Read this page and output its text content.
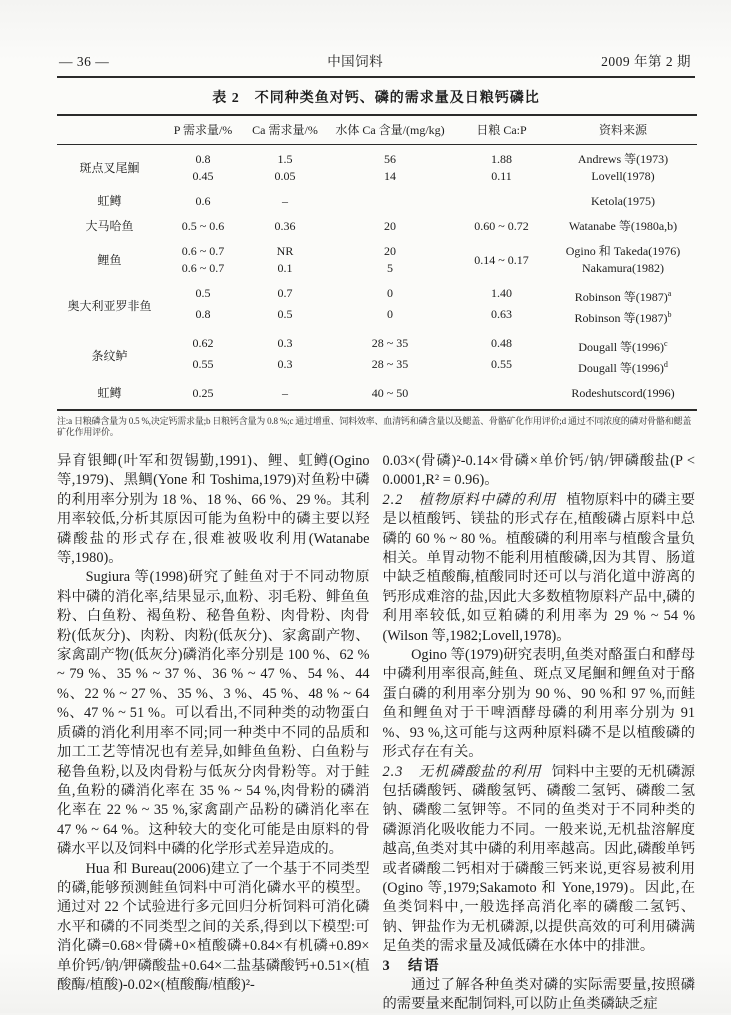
— 36 —	中国饲料	2009 年第 2 期
表 2　不同种类鱼对钙、磷的需求量及日粮钙磷比
	P 需求量/%	Ca 需求量/%	水体 Ca 含量/(mg/kg)	日粮 Ca:P	资料来源
斑点叉尾鮰	0.8	1.5	56	1.88	Andrews 等(1973)
	0.45	0.05	14	0.11	Lovell(1978)
虹鳟	0.6	–			Ketola(1975)
大马哈鱼	0.5 ~ 0.6	0.36	20	0.60 ~ 0.72	Watanabe 等(1980a,b)
鲤鱼	0.6 ~ 0.7	NR	20	0.14 ~ 0.17	Ogino 和 Takeda(1976)
	0.6 ~ 0.7	0.1	5		Nakamura(1982)
奥大利亚罗非鱼	0.5	0.7	0	1.40	Robinson 等$(1987)^a$
	0.8	0.5	0	0.63	Robinson 等$(1987)^b$
条纹鲈	0.62	0.3	28 ~ 35	0.48	Dougall 等$(1996)^c$
	0.55	0.3	28 ~ 35	0.55	Dougall 等$(1996)^d$
虹鳟	0.25	–	40 ~ 50		Rodeshutscord(1996)
注:a 日粮磷含量为 0.5 %,决定钙需求量;b 日粮钙含量为 0.8 %;c 通过增重、饲料效率、血清钙和磷含量以及鳃盖、骨骼矿化作用评价;d 通过不同浓度的磷对骨骼和鳃盖矿化作用评价。

异育银鲫(叶军和贺锡勤,1991)、鲤、虹鳟(Ogino 等,1979)、黑鲷(Yone 和 Toshima,1979)对鱼粉中磷的利用率分别为 18 %、18 %、66 %、29 %。其利用率较低,分析其原因可能为鱼粉中的磷主要以羟磷酸盐的形式存在,很难被吸收利用(Watanabe 等,1980)。

Sugiura 等(1998)研究了鲑鱼对于不同动物原料中磷的消化率,结果显示,血粉、羽毛粉、鲱鱼鱼粉、白鱼粉、褐鱼粉、秘鲁鱼粉、肉骨粉、肉骨粉(低灰分)、肉粉、肉粉(低灰分)、家禽副产物、家禽副产物(低灰分)磷消化率分别是 100 %、62 % ~ 79 %、35 % ~ 37 %、36 % ~ 47 %、54 %、44 %、22 % ~ 27 %、35 %、3 %、45 %、48 % ~ 64 %、47 % ~ 51 %。可以看出,不同种类的动物蛋白质磷的消化利用率不同;同一种类中不同的品质和加工工艺等情况也有差异,如鲱鱼鱼粉、白鱼粉与秘鲁鱼粉,以及肉骨粉与低灰分肉骨粉等。对于鲑鱼,鱼粉的磷消化率在 35 % ~ 54 %,肉骨粉的磷消化率在 22 % ~ 35 %,家禽副产品粉的磷消化率在 47 % ~ 64 %。这种较大的变化可能是由原料的骨磷水平以及饲料中磷的化学形式差异造成的。

Hua 和 Bureau(2006)建立了一个基于不同类型的磷,能够预测鲑鱼饲料中可消化磷水平的模型。通过对 22 个试验进行多元回归分析饲料可消化磷水平和磷的不同类型之间的关系,得到以下模型:可消化磷=0.68×骨磷+0×植酸磷+0.84×有机磷+0.89×单价钙/钠/钾磷酸盐+0.64×二盐基磷酸钙+0.51×(植酸酶/植酸)-0.02×(植酸酶/植酸)²-

0.03×(骨磷)²-0.14×骨磷×单价钙/钠/钾磷酸盐(P < 0.0001,R² = 0.96)。

2.2　植物原料中磷的利用 植物原料中的磷主要是以植酸钙、镁盐的形式存在,植酸磷占原料中总磷的 60 % ~ 80 %。植酸磷的利用率与植酸含量负相关。单胃动物不能利用植酸磷,因为其胃、肠道中缺乏植酸酶,植酸同时还可以与消化道中游离的钙形成难溶的盐,因此大多数植物原料产品中,磷的利用率较低,如豆粕磷的利用率为 29 % ~ 54 %(Wilson 等,1982;Lovell,1978)。

Ogino 等(1979)研究表明,鱼类对酪蛋白和酵母中磷利用率很高,鲑鱼、斑点叉尾鮰和鲤鱼对于酪蛋白磷的利用率分别为 90 %、90 %和 97 %,而鲑鱼和鲤鱼对于干啤酒酵母磷的利用率分别为 91 %、93 %,这可能与这两种原料磷不是以植酸磷的形式存在有关。

2.3　无机磷酸盐的利用 饲料中主要的无机磷源包括磷酸钙、磷酸氢钙、磷酸二氢钙、磷酸二氢钠、磷酸二氢钾等。不同的鱼类对于不同种类的磷源消化吸收能力不同。一般来说,无机盐溶解度越高,鱼类对其中磷的利用率越高。因此,磷酸单钙或者磷酸二钙相对于磷酸三钙来说,更容易被利用 (Ogino 等,1979;Sakamoto 和 Yone,1979)。因此,在鱼类饲料中,一般选择高消化率的磷酸二氢钙、钠、钾盐作为无机磷源,以提供高效的可利用磷满足鱼类的需求量及减低磷在水体中的排泄。

3　结语

通过了解各种鱼类对磷的实际需要量,按照磷的需要量来配制饲料,可以防止鱼类磷缺乏症
